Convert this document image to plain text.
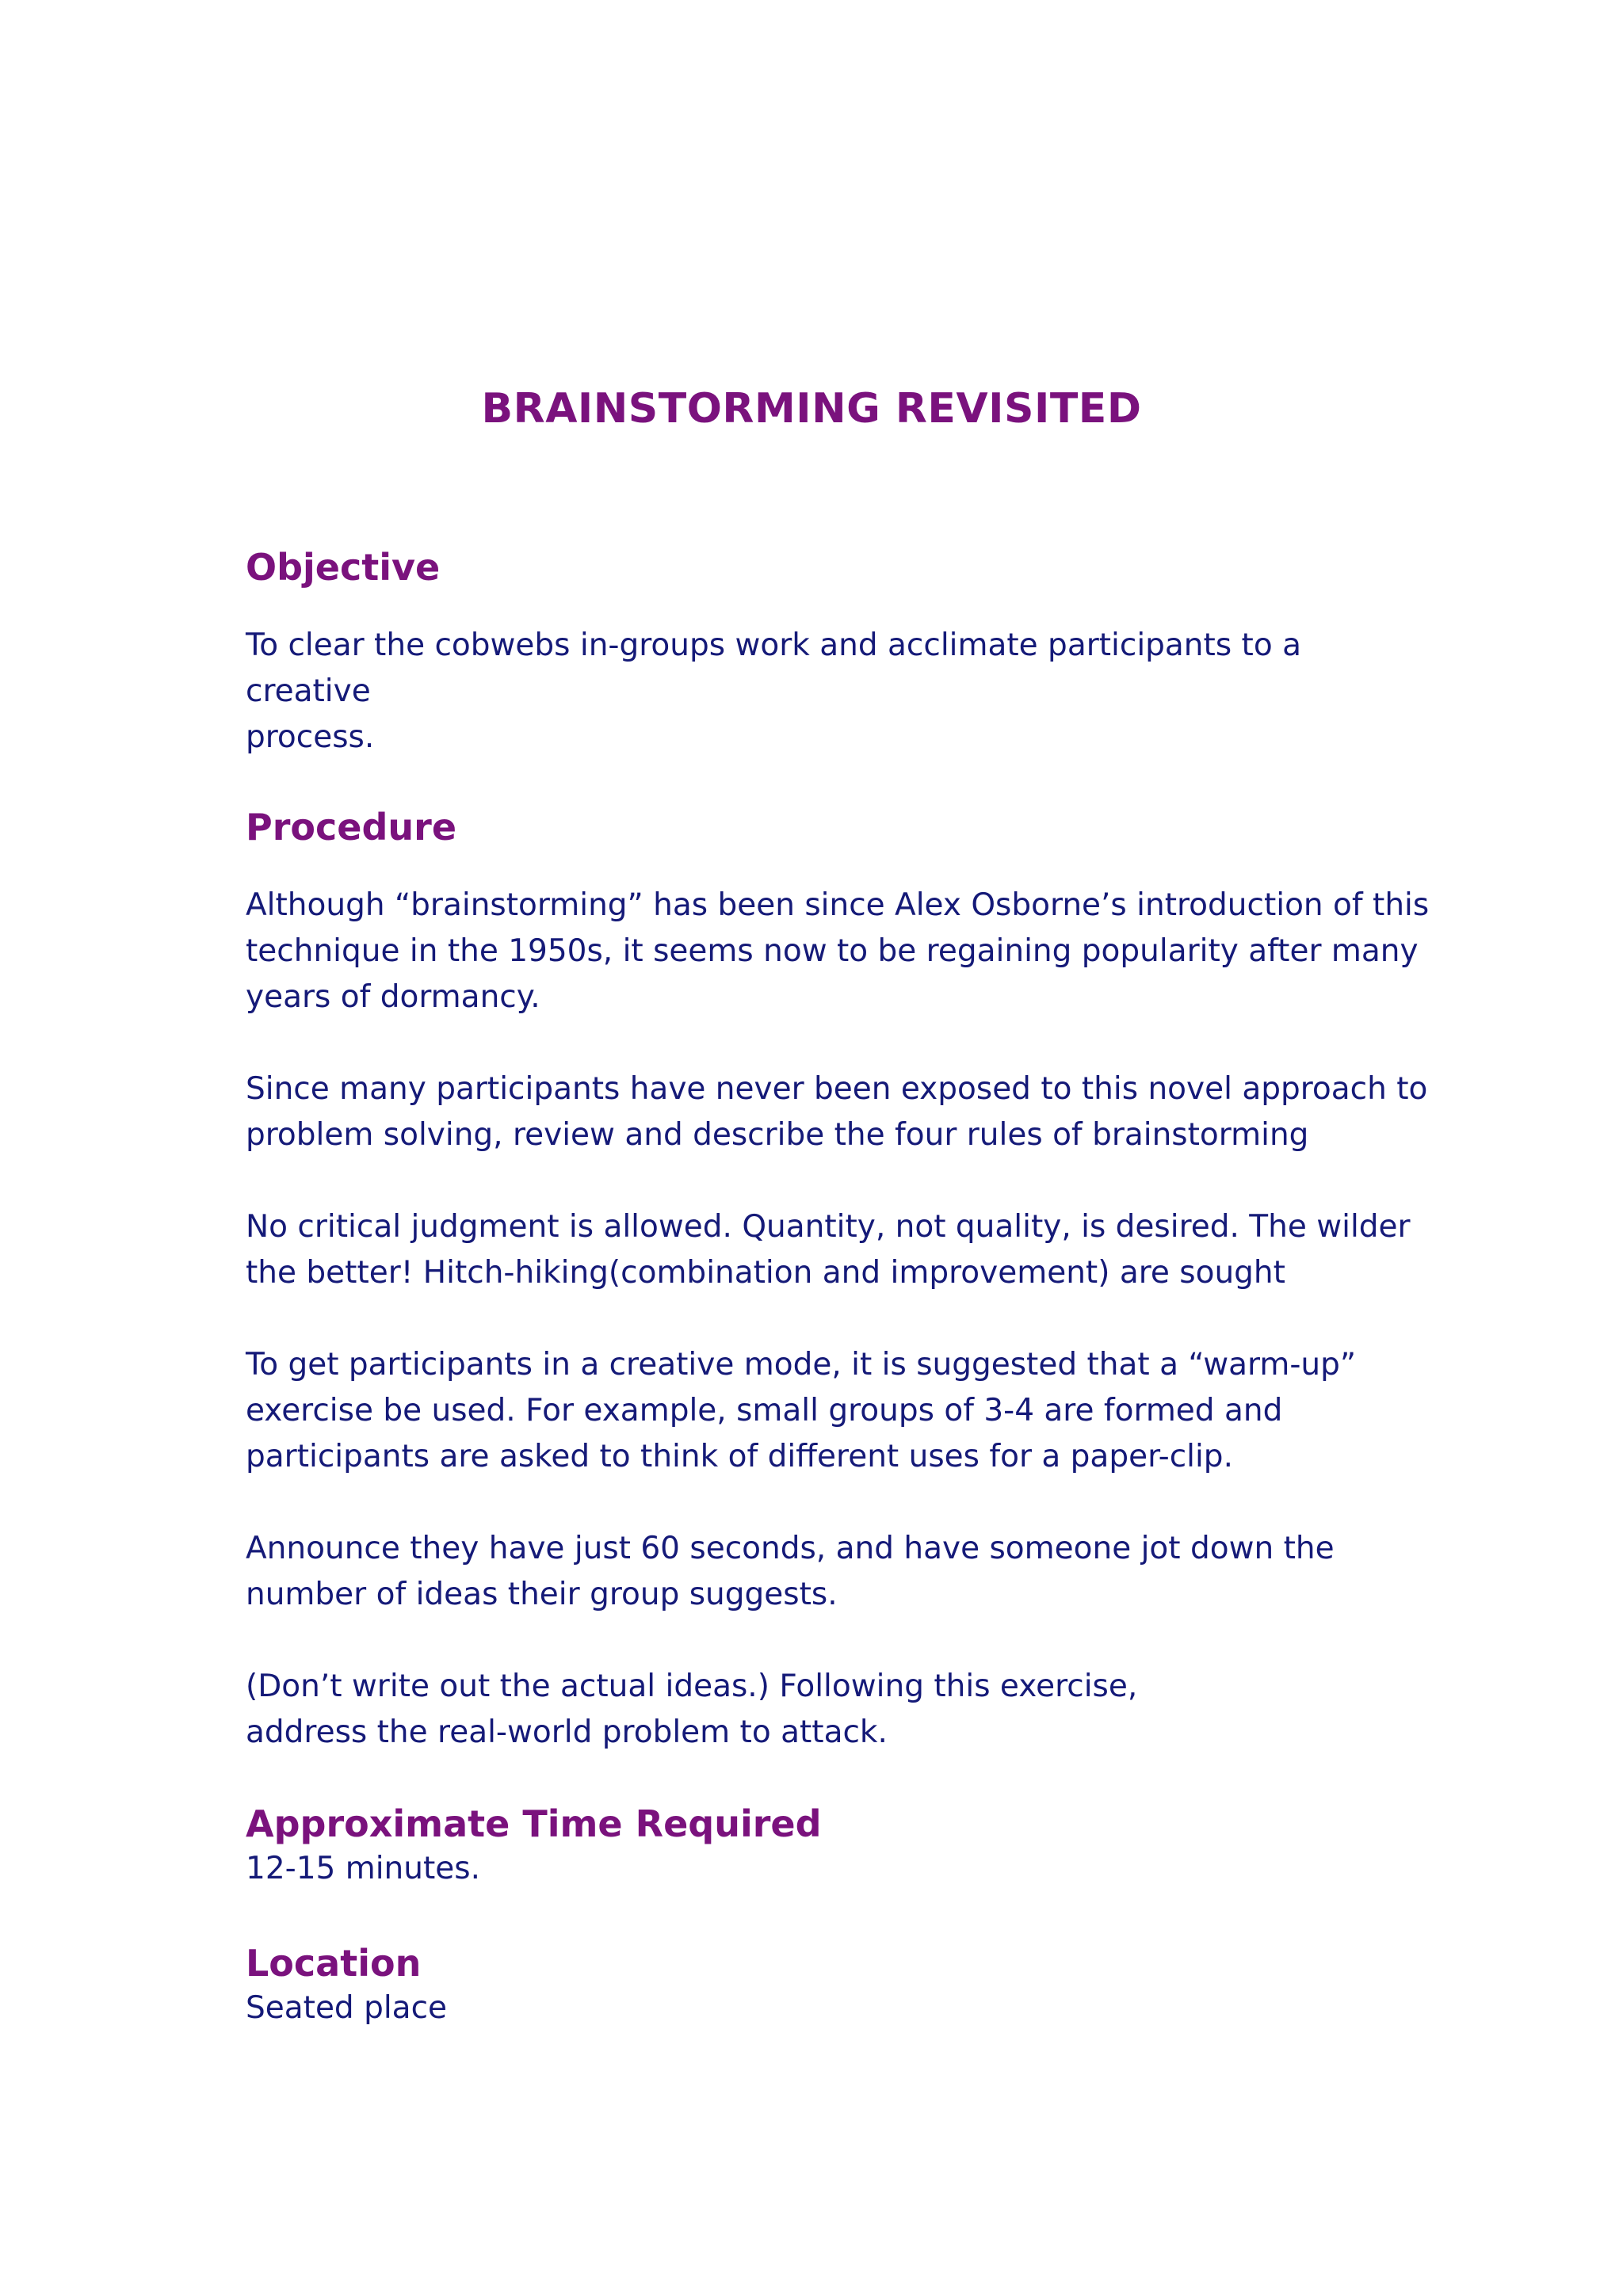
BRAINSTORMING REVISITED
Objective

To clear the cobwebs in-groups work and acclimate participants to a creative
process.

Procedure

Although “brainstorming” has been since Alex Osborne’s introduction of this technique in the 1950s, it seems now to be regaining popularity after many years of dormancy.

Since many participants have never been exposed to this novel approach to problem solving, review and describe the four rules of brainstorming

No critical judgment is allowed. Quantity, not quality, is desired. The wilder the better! Hitch-hiking(combination and improvement) are sought

To get participants in a creative mode, it is suggested that a “warm-up” exercise be used. For example, small groups of 3-4 are formed and participants are asked to think of different uses for a paper-clip.

Announce they have just 60 seconds, and have someone jot down the number of ideas their group suggests.

(Don’t write out the actual ideas.) Following this exercise,
address the real-world problem to attack.

Approximate Time Required

12-15 minutes.

Location

Seated place
